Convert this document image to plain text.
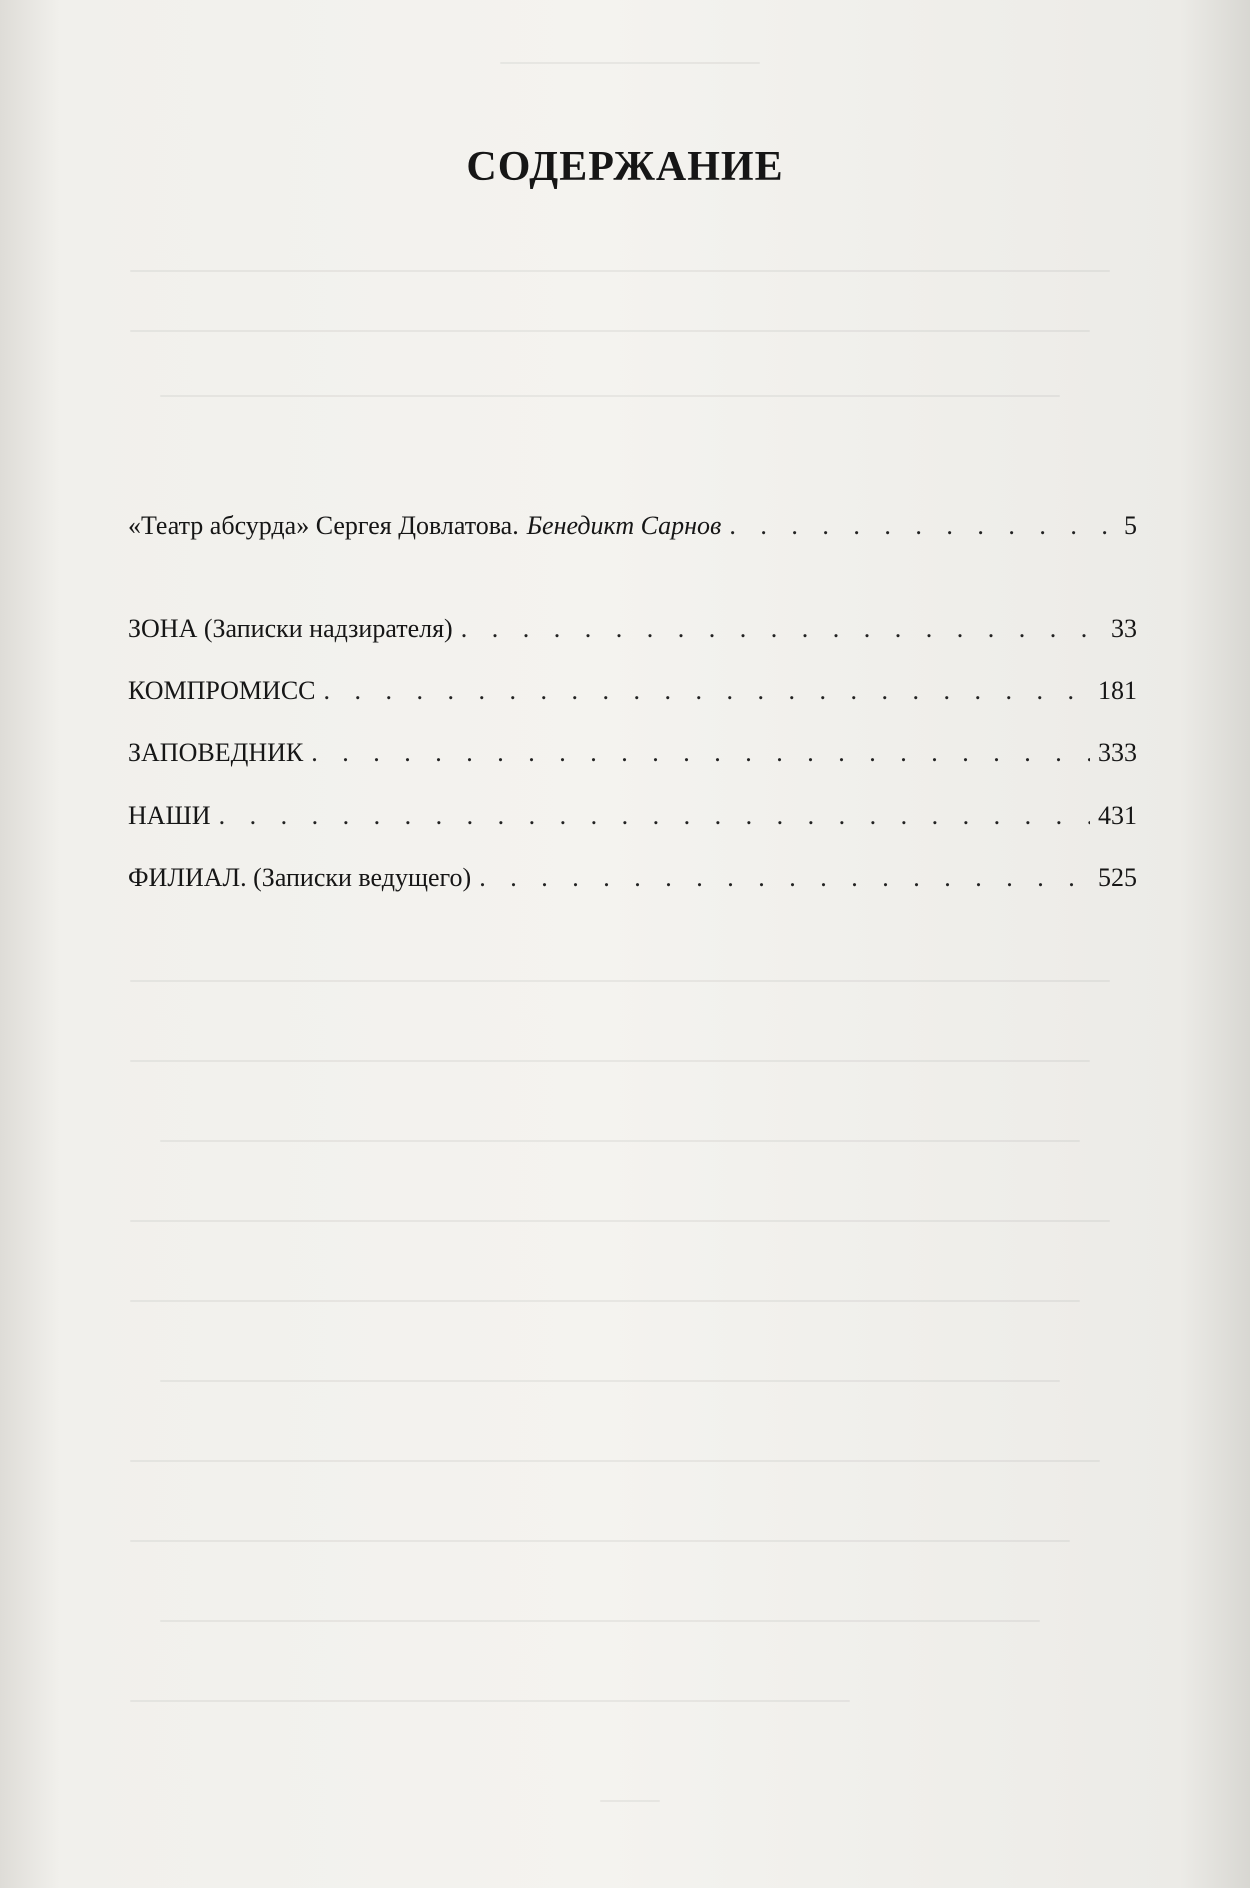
СОДЕРЖАНИЕ
«Театр абсурда» Сергея Довлатова. Бенедикт Сарнов . . .	5
ЗОНА (Записки надзирателя) . . .	33
КОМПРОМИСС . . .	181
ЗАПОВЕДНИК . . .	333
НАШИ . . .	431
ФИЛИАЛ. (Записки ведущего) . . .	525
